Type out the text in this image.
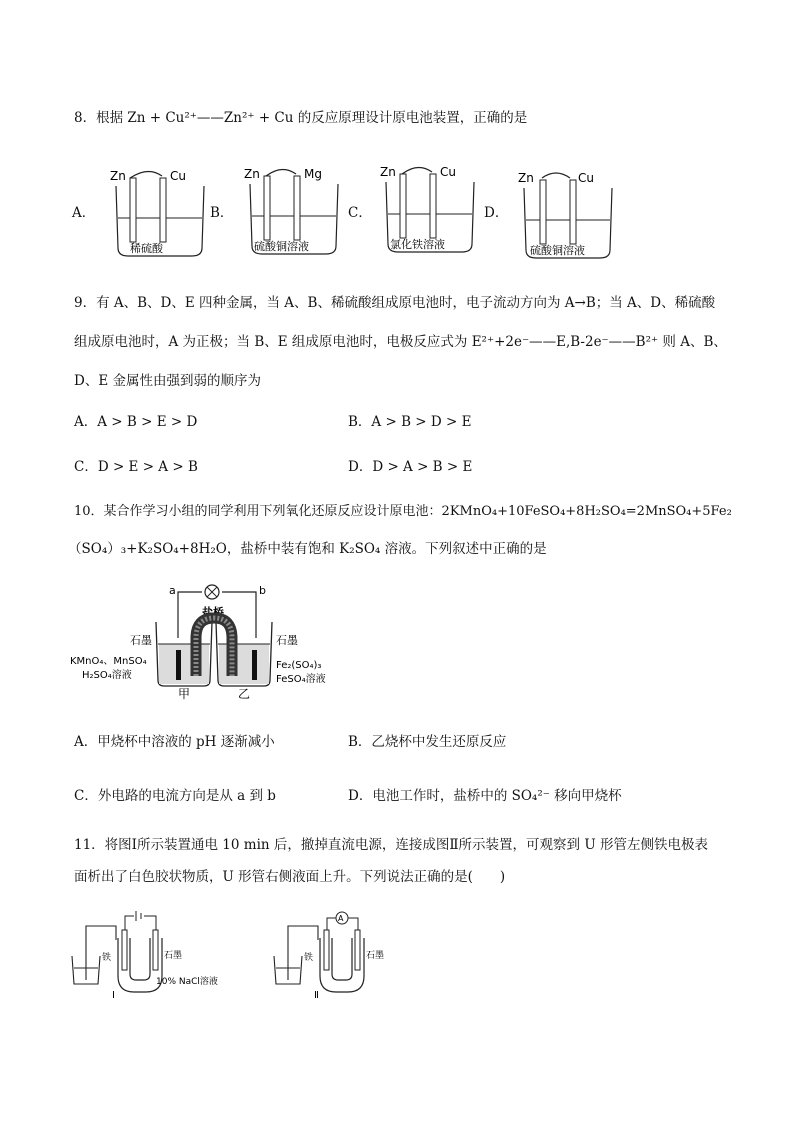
8．根据 Zn + Cu²⁺——Zn²⁺ + Cu 的反应原理设计原电池装置，正确的是
A．
Zn	Cu
稀硫酸
B．
Zn	Mg
硫酸铜溶液
C．
Zn	Cu
氯化铁溶液
D．
Zn	Cu
硫酸铜溶液
9．有 A、B、D、E 四种金属，当 A、B、稀硫酸组成原电池时，电子流动方向为 A→B；当 A、D、稀硫酸
组成原电池时，A 为正极；当 B、E 组成原电池时，电极反应式为 E²⁺+2e⁻——E,B-2e⁻——B²⁺ 则 A、B、
D、E 金属性由强到弱的顺序为
A．A > B > E > D	B．A > B > D > E
C．D > E > A > B	D．D > A > B > E
10．某合作学习小组的同学利用下列氧化还原反应设计原电池：2KMnO₄+10FeSO₄+8H₂SO₄=2MnSO₄+5Fe₂
（SO₄）₃+K₂SO₄+8H₂O，盐桥中装有饱和 K₂SO₄ 溶液。下列叙述中正确的是
a	b
盐桥
石墨	石墨
KMnO₄、MnSO₄
H₂SO₄溶液
Fe₂(SO₄)₃
FeSO₄溶液
甲	乙
A．甲烧杯中溶液的 pH 逐渐减小	B．乙烧杯中发生还原反应
C．外电路的电流方向是从 a 到 b	D．电池工作时，盐桥中的 SO₄²⁻ 移向甲烧杯
11．将图Ⅰ所示装置通电 10 min 后，撤掉直流电源，连接成图Ⅱ所示装置，可观察到 U 形管左侧铁电极表
面析出了白色胶状物质，U 形管右侧液面上升。下列说法正确的是(　　)
铁	石墨
10% NaCl溶液
Ⅰ
A
铁	石墨
Ⅱ
